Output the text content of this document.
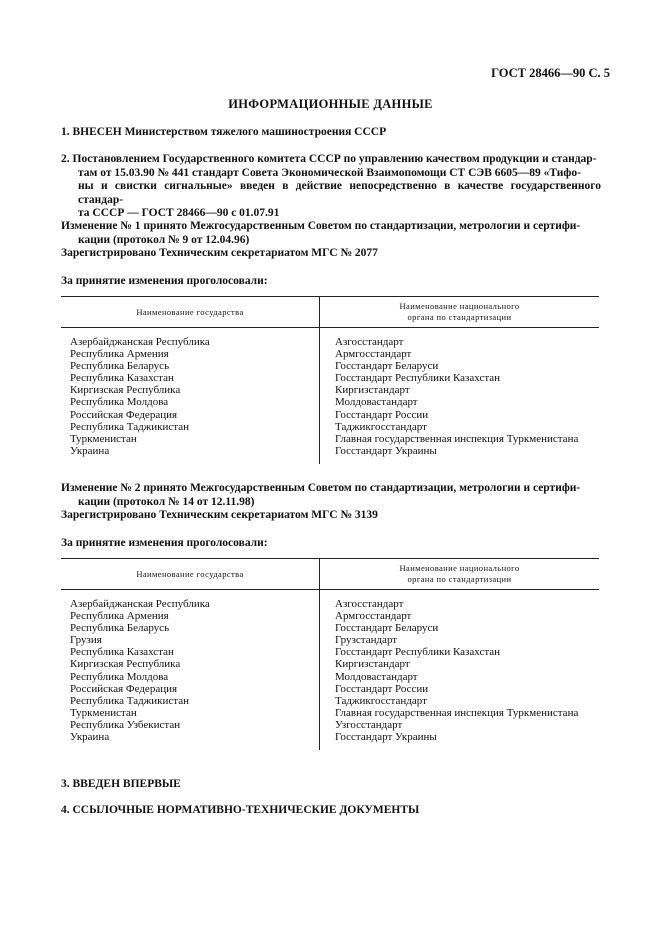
ГОСТ 28466—90 С. 5
ИНФОРМАЦИОННЫЕ ДАННЫЕ
1. ВНЕСЕН Министерством тяжелого машиностроения СССР
2. Постановлением Государственного комитета СССР по управлению качеством продукции и стандар-
там от 15.03.90 № 441 стандарт Совета Экономической Взаимопомощи СТ СЭВ 6605—89 «Тифо-
ны и свистки сигнальные» введен в действие непосредственно в качестве государственного стандар-
та СССР — ГОСТ 28466—90 с 01.07.91
Изменение № 1 принято Межгосударственным Советом по стандартизации, метрологии и сертифи-
кации (протокол № 9 от 12.04.96)
Зарегистрировано Техническим секретариатом МГС № 2077
За принятие изменения проголосовали:
Наименование государства
Наименование национального
органа по стандартизации
Азербайджанская Республика	Азгосстандарт
Республика Армения	Армгосстандарт
Республика Беларусь	Госстандарт Беларуси
Республика Казахстан	Госстандарт Республики Казахстан
Киргизская Республика	Киргизстандарт
Республика Молдова	Молдовастандарт
Российская Федерация	Госстандарт России
Республика Таджикистан	Таджикгосстандарт
Туркменистан	Главная государственная инспекция Туркменистана
Украина	Госстандарт Украины
Изменение № 2 принято Межгосударственным Советом по стандартизации, метрологии и сертифи-
кации (протокол № 14 от 12.11.98)
Зарегистрировано Техническим секретариатом МГС № 3139
За принятие изменения проголосовали:
Наименование государства
Наименование национального
органа по стандартизации
Азербайджанская Республика	Азгосстандарт
Республика Армения	Армгосстандарт
Республика Беларусь	Госстандарт Беларуси
Грузия	Грузстандарт
Республика Казахстан	Госстандарт Республики Казахстан
Киргизская Республика	Киргизстандарт
Республика Молдова	Молдовастандарт
Российская Федерация	Госстандарт России
Республика Таджикистан	Таджикгосстандарт
Туркменистан	Главная государственная инспекция Туркменистана
Республика Узбекистан	Узгосстандарт
Украина	Госстандарт Украины
3. ВВЕДЕН ВПЕРВЫЕ
4. ССЫЛОЧНЫЕ НОРМАТИВНО-ТЕХНИЧЕСКИЕ ДОКУМЕНТЫ
